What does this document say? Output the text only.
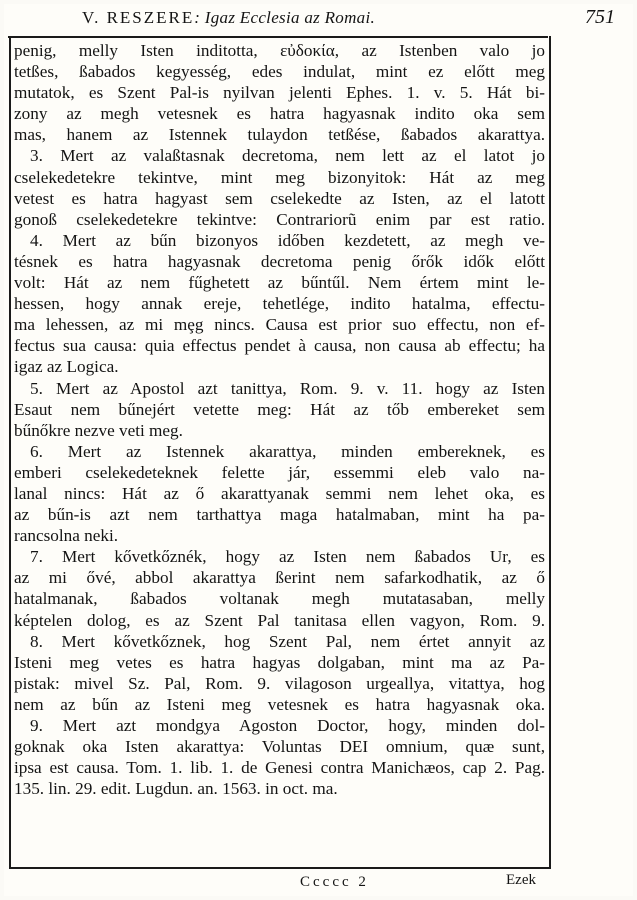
V. RESZERE: Igaz Ecclesia az Romai.	751
penig, melly Isten inditotta, εὐδοκία, az Istenben valo jo
tetßes, ßabados kegyesség, edes indulat, mint ez előtt meg
mutatok, es Szent Pal-is nyilvan jelenti Ephes. 1. v. 5. Hát bi-
zony az megh vetesnek es hatra hagyasnak indito oka sem
mas, hanem az Istennek tulaydon tetßése, ßabados akarattya.
3. Mert az valaßtasnak decretoma, nem lett az el latot jo
cselekedetekre tekintve, mint meg bizonyitok: Hát az meg
vetest es hatra hagyast sem cselekedte az Isten, az el latott
gonoß cselekedetekre tekintve: Contrariorũ enim par est ratio.
4. Mert az bűn bizonyos időben kezdetett, az megh ve-
tésnek es hatra hagyasnak decretoma penig őrők idők előtt
volt: Hát az nem fűghetett az bűntűl. Nem értem mint le-
hessen, hogy annak ereje, tehetlége, indito hatalma, effectu-
ma lehessen, az mi mȩg nincs. Causa est prior suo effectu, non ef-
fectus sua causa: quia effectus pendet à causa, non causa ab effectu; ha
igaz az Logica.
5. Mert az Apostol azt tanittya, Rom. 9. v. 11. hogy az Isten
Esaut nem bűnejért vetette meg: Hát az tőb embereket sem
bűnőkre nezve veti meg.
6. Mert az Istennek akarattya, minden embereknek, es
emberi cselekedeteknek felette jár, essemmi eleb valo na-
lanal nincs: Hát az ő akarattyanak semmi nem lehet oka, es
az bűn-is azt nem tarthattya maga hatalmaban, mint ha pa-
rancsolna neki.
7. Mert kővetkőznék, hogy az Isten nem ßabados Ur, es
az mi ővé, abbol akarattya ßerint nem safarkodhatik, az ő
hatalmanak, ßabados voltanak megh mutatasaban, melly
képtelen dolog, es az Szent Pal tanitasa ellen vagyon, Rom. 9.
8. Mert kővetkőznek, hog Szent Pal, nem értet annyit az
Isteni meg vetes es hatra hagyas dolgaban, mint ma az Pa-
pistak: mivel Sz. Pal, Rom. 9. vilagoson urgeallya, vitattya, hog
nem az bűn az Isteni meg vetesnek es hatra hagyasnak oka.
9. Mert azt mondgya Agoston Doctor, hogy, minden dol-
goknak oka Isten akarattya: Voluntas DEI omnium, quæ sunt,
ipsa est causa. Tom. 1. lib. 1. de Genesi contra Manichæos, cap 2. Pag.
135. lin. 29. edit. Lugdun. an. 1563. in oct. ma.
Ccccc 2	Ezek
